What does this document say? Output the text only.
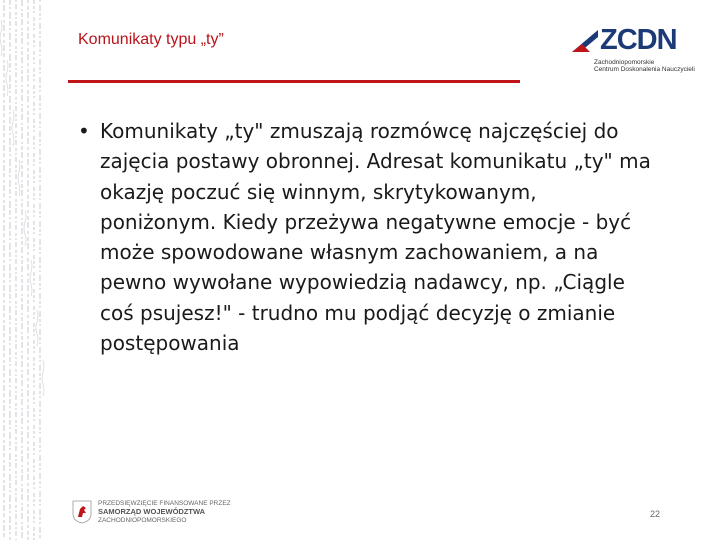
Komunikaty typu „ty”	ZCDN
Zachodniopomorskie
Centrum Doskonalenia Nauczycieli
• Komunikaty „ty" zmuszają rozmówcę najczęściej do zajęcia postawy obronnej. Adresat komunikatu „ty" ma okazję poczuć się winnym, skrytykowanym, poniżonym. Kiedy przeżywa negatywne emocje - być może spowodowane własnym zachowaniem, a na pewno wywołane wypowiedzią nadawcy, np. „Ciągle coś psujesz!" - trudno mu podjąć decyzję o zmianie postępowania
PRZEDSIĘWZIĘCIE FINANSOWANE PRZEZ
SAMORZĄD WOJEWÓDZTWA
ZACHODNIOPOMORSKIEGO
22
